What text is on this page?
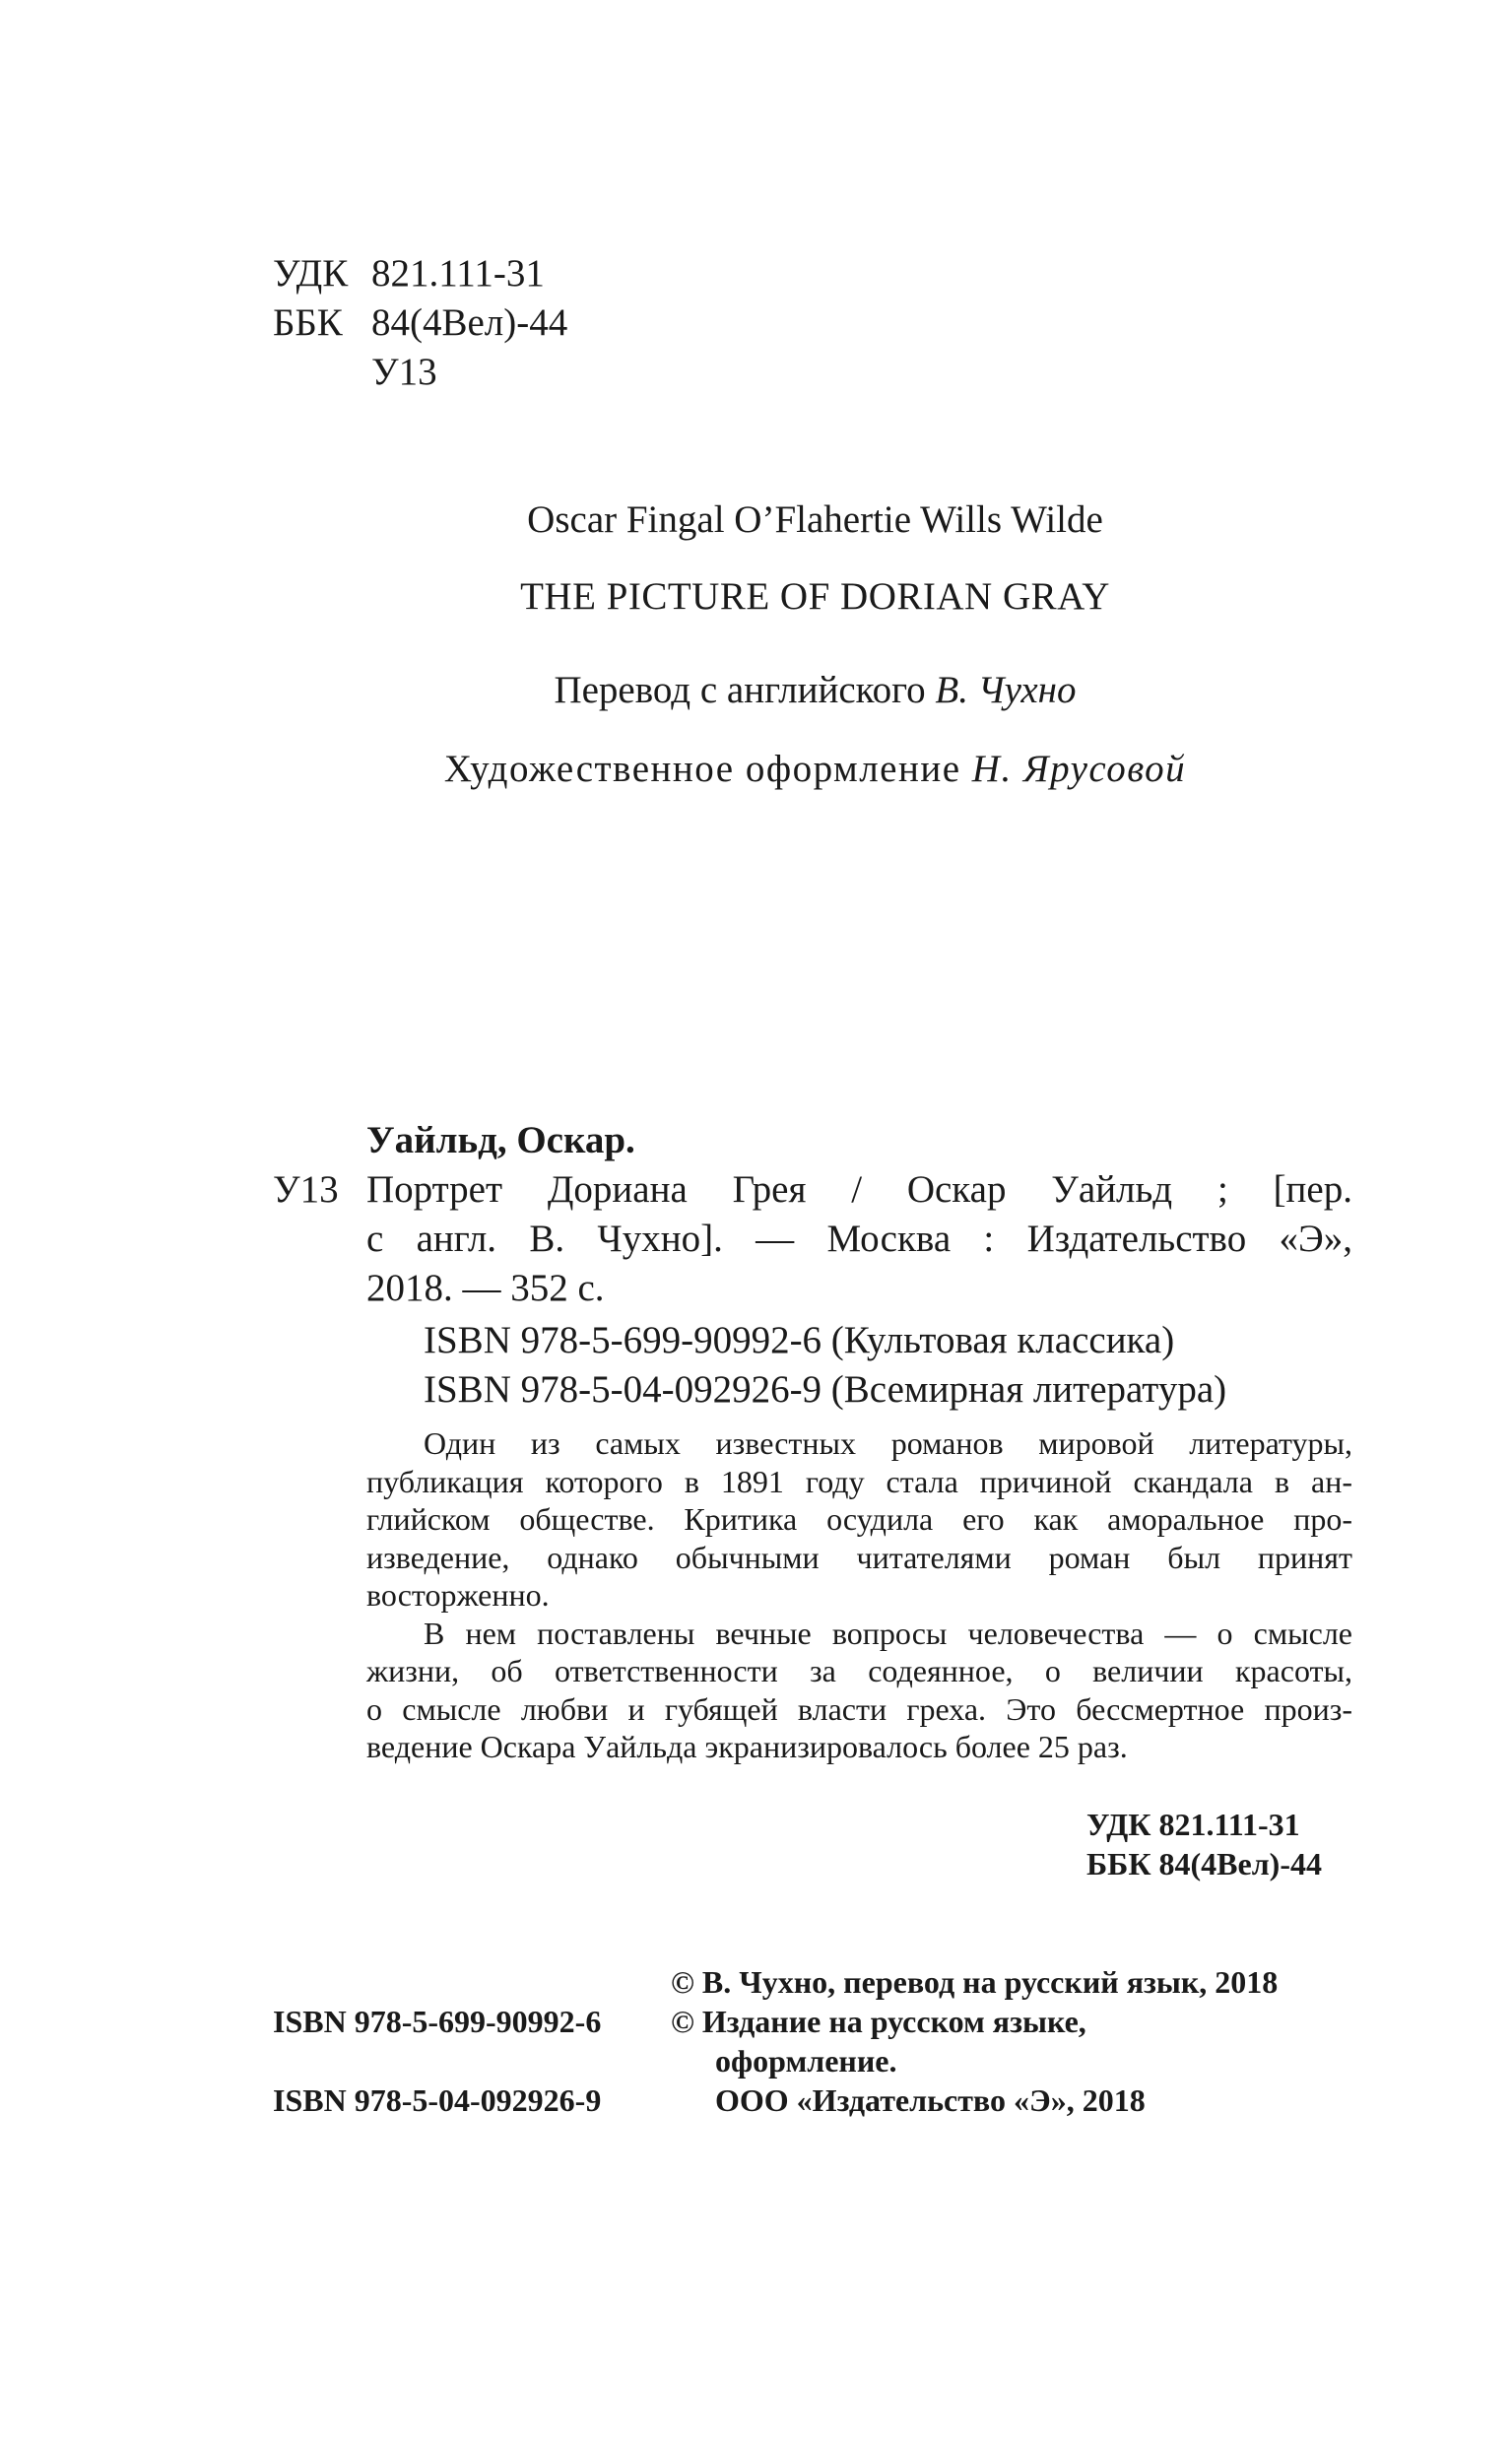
УДК 821.111-31
ББК 84(4Вел)-44
У13
Oscar Fingal O’Flahertie Wills Wilde
THE PICTURE OF DORIAN GRAY
Перевод с английского В. Чухно
Художественное оформление Н. Ярусовой
Уайльд, Оскар.
У13 Портрет Дориана Грея / Оскар Уайльд ; [пер.
с англ. В. Чухно]. — Москва : Издательство «Э»,
2018. — 352 с.
ISBN 978-5-699-90992-6 (Культовая классика)
ISBN 978-5-04-092926-9 (Всемирная литература)
Один из самых известных романов мировой литературы,
публикация которого в 1891 году стала причиной скандала в ан-
глийском обществе. Критика осудила его как аморальное про-
изведение, однако обычными читателями роман был принят
восторженно.
В нем поставлены вечные вопросы человечества — о смысле
жизни, об ответственности за содеянное, о величии красоты,
о смысле любви и губящей власти греха. Это бессмертное произ-
ведение Оскара Уайльда экранизировалось более 25 раз.
УДК 821.111-31
ББК 84(4Вел)-44
© В. Чухно, перевод на русский язык, 2018
ISBN 978-5-699-90992-6 © Издание на русском языке,
оформление.
ISBN 978-5-04-092926-9	ООО «Издательство «Э», 2018
